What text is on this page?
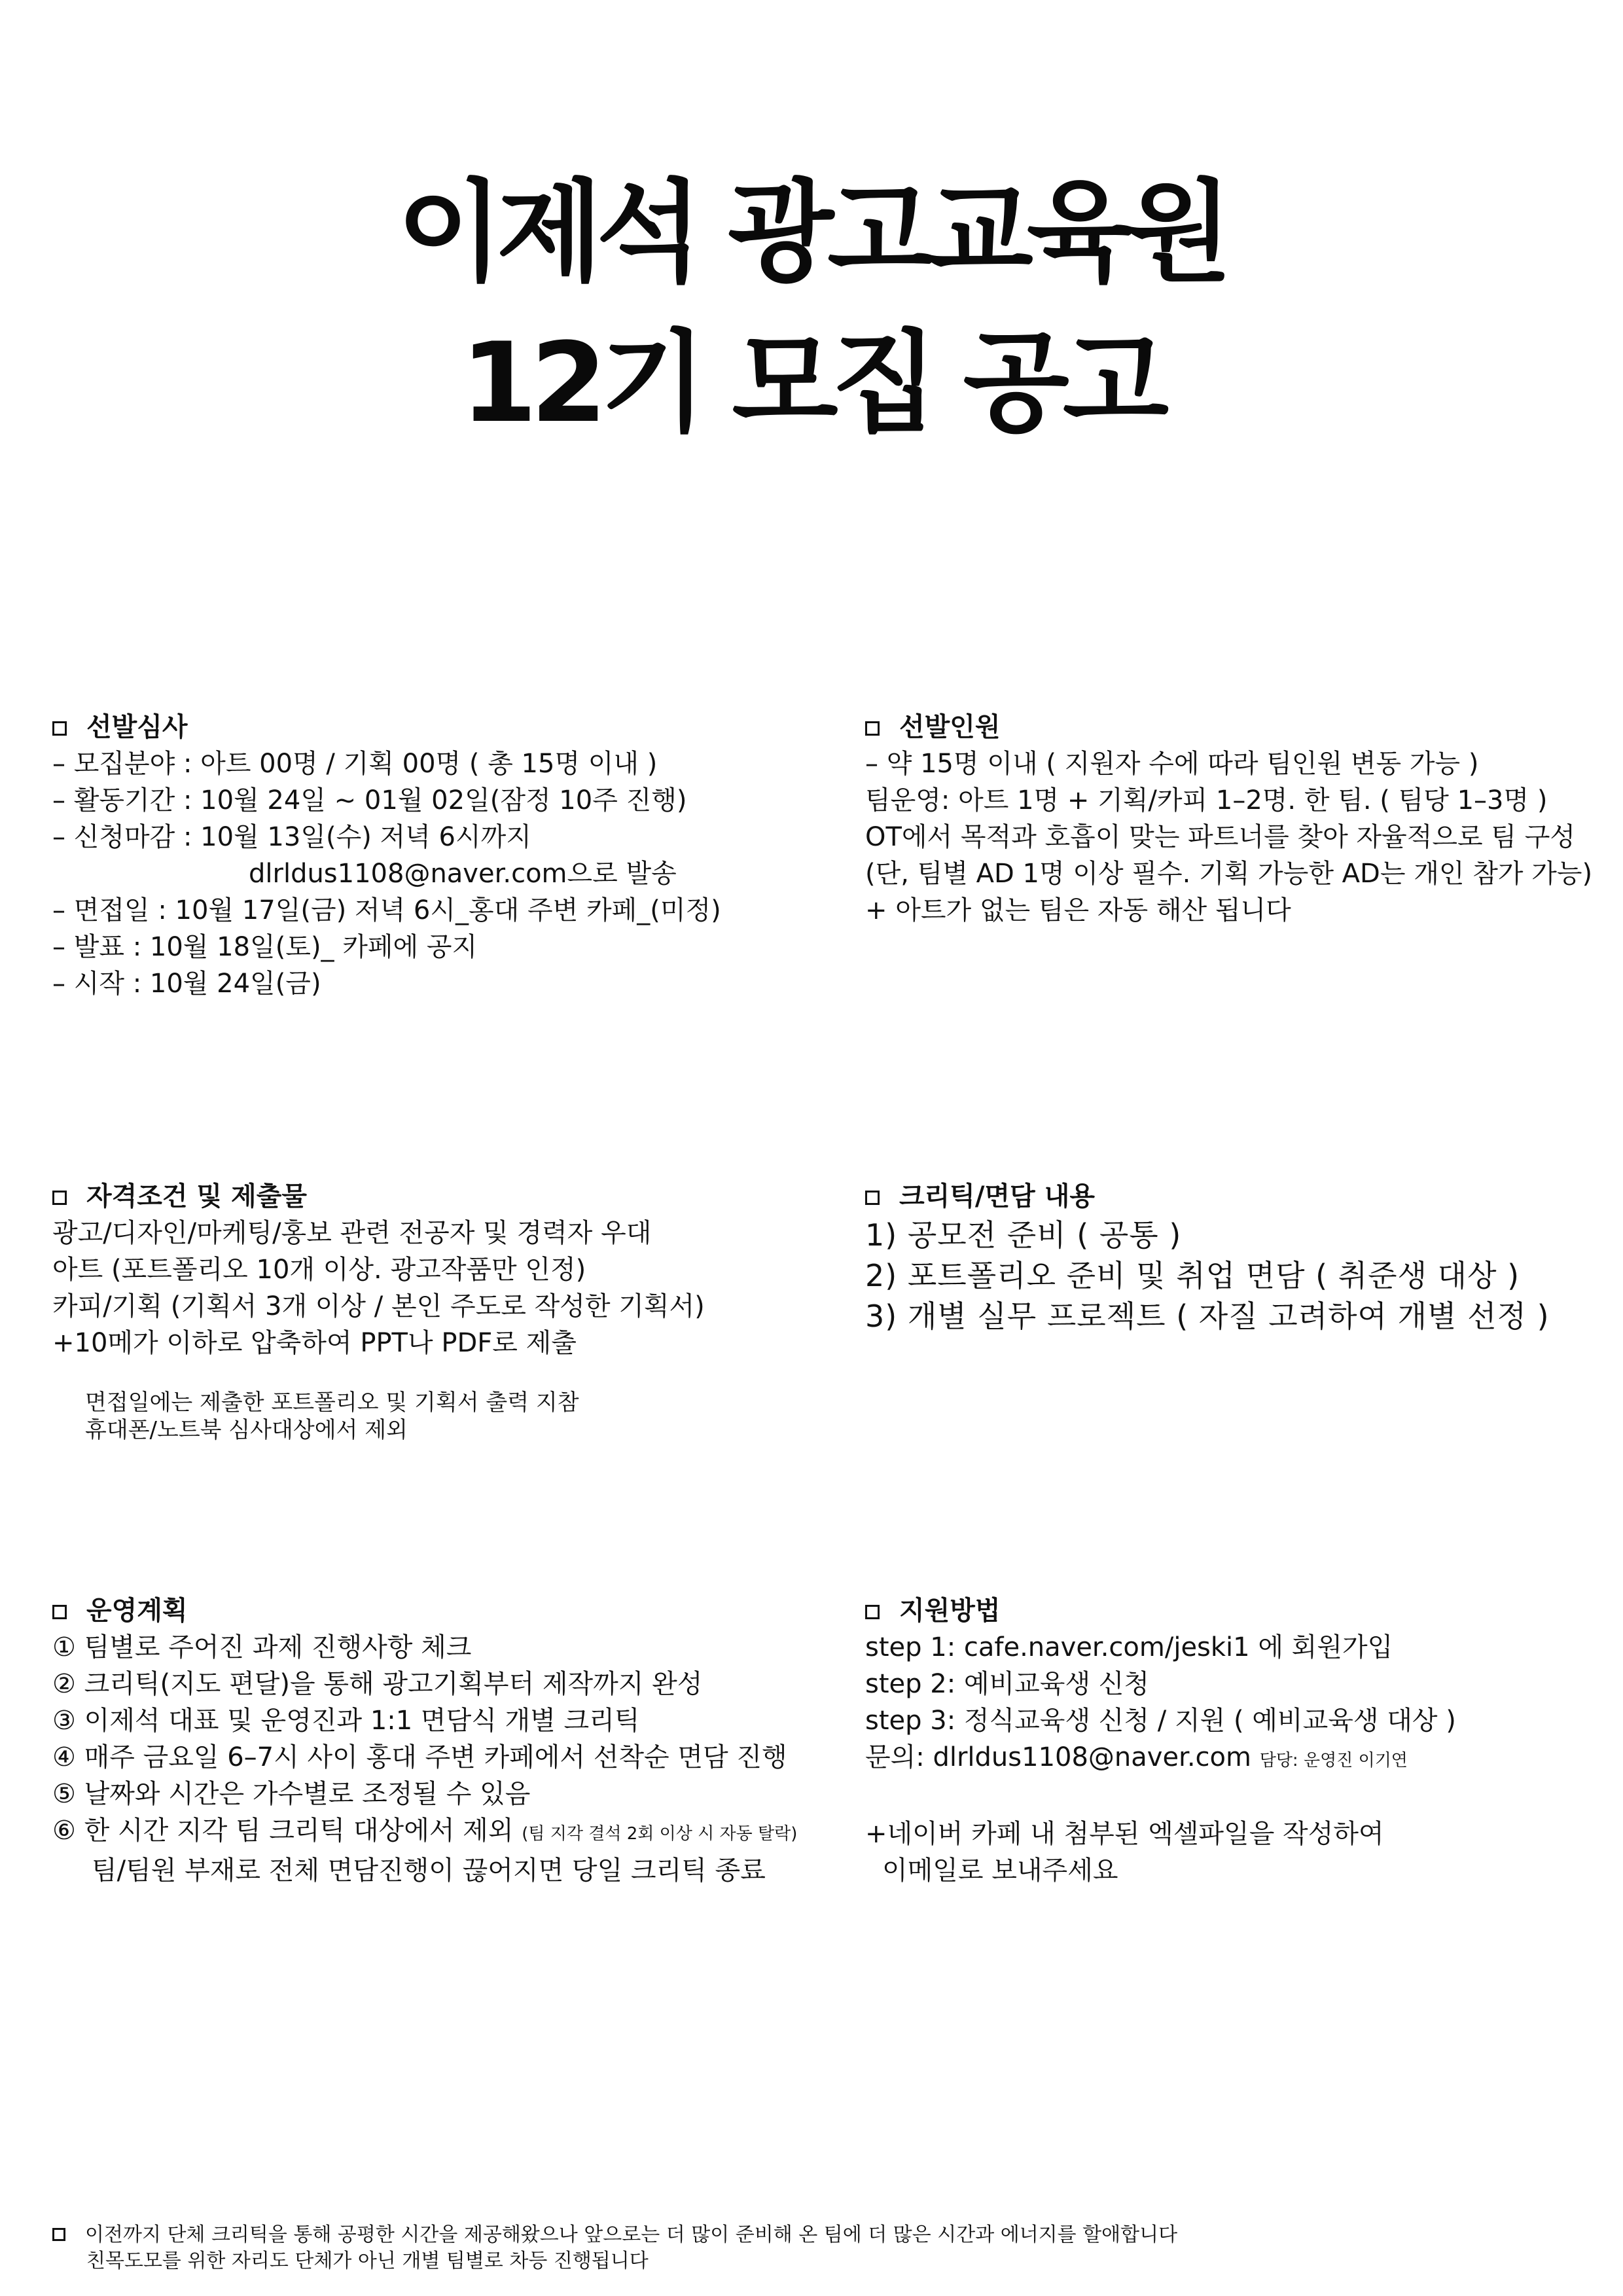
이제석 광고교육원
12기 모집 공고
선발심사
– 모집분야 : 아트 00명 / 기획 00명 ( 총 15명 이내 )
– 활동기간 : 10월 24일 ~ 01월 02일(잠정 10주 진행)
– 신청마감 : 10월 13일(수) 저녁 6시까지
dlrldus1108@naver.com으로 발송
– 면접일 : 10월 17일(금) 저녁 6시_홍대 주변 카페_(미정)
– 발표 : 10월 18일(토)_ 카페에 공지
– 시작 : 10월 24일(금)
선발인원
– 약 15명 이내 ( 지원자 수에 따라 팀인원 변동 가능 )
팀운영: 아트 1명 + 기획/카피 1–2명. 한 팀. ( 팀당 1–3명 )
OT에서 목적과 호흡이 맞는 파트너를 찾아 자율적으로 팀 구성
(단, 팀별 AD 1명 이상 필수. 기획 가능한 AD는 개인 참가 가능)
+ 아트가 없는 팀은 자동 해산 됩니다
자격조건 및 제출물
광고/디자인/마케팅/홍보 관련 전공자 및 경력자 우대
아트 (포트폴리오 10개 이상. 광고작품만 인정)
카피/기획 (기획서 3개 이상 / 본인 주도로 작성한 기획서)
+10메가 이하로 압축하여 PPT나 PDF로 제출
면접일에는 제출한 포트폴리오 및 기획서 출력 지참
휴대폰/노트북 심사대상에서 제외
크리틱/면담 내용
1) 공모전 준비 ( 공통 )
2) 포트폴리오 준비 및 취업 면담 ( 취준생 대상 )
3) 개별 실무 프로젝트 ( 자질 고려하여 개별 선정 )
운영계획
① 팀별로 주어진 과제 진행사항 체크
② 크리틱(지도 편달)을 통해 광고기획부터 제작까지 완성
③ 이제석 대표 및 운영진과 1:1 면담식 개별 크리틱
④ 매주 금요일 6–7시 사이 홍대 주변 카페에서 선착순 면담 진행
⑤ 날짜와 시간은 가수별로 조정될 수 있음
⑥ 한 시간 지각 팀 크리틱 대상에서 제외 (팀 지각 결석 2회 이상 시 자동 탈락)
팀/팀원 부재로 전체 면담진행이 끊어지면 당일 크리틱 종료
지원방법
step 1: cafe.naver.com/jeski1 에 회원가입
step 2: 예비교육생 신청
step 3: 정식교육생 신청 / 지원 ( 예비교육생 대상 )
문의: dlrldus1108@naver.com 담당: 운영진 이기연
+네이버 카페 내 첨부된 엑셀파일을 작성하여
이메일로 보내주세요
이전까지 단체 크리틱을 통해 공평한 시간을 제공해왔으나 앞으로는 더 많이 준비해 온 팀에 더 많은 시간과 에너지를 할애합니다
친목도모를 위한 자리도 단체가 아닌 개별 팀별로 차등 진행됩니다
